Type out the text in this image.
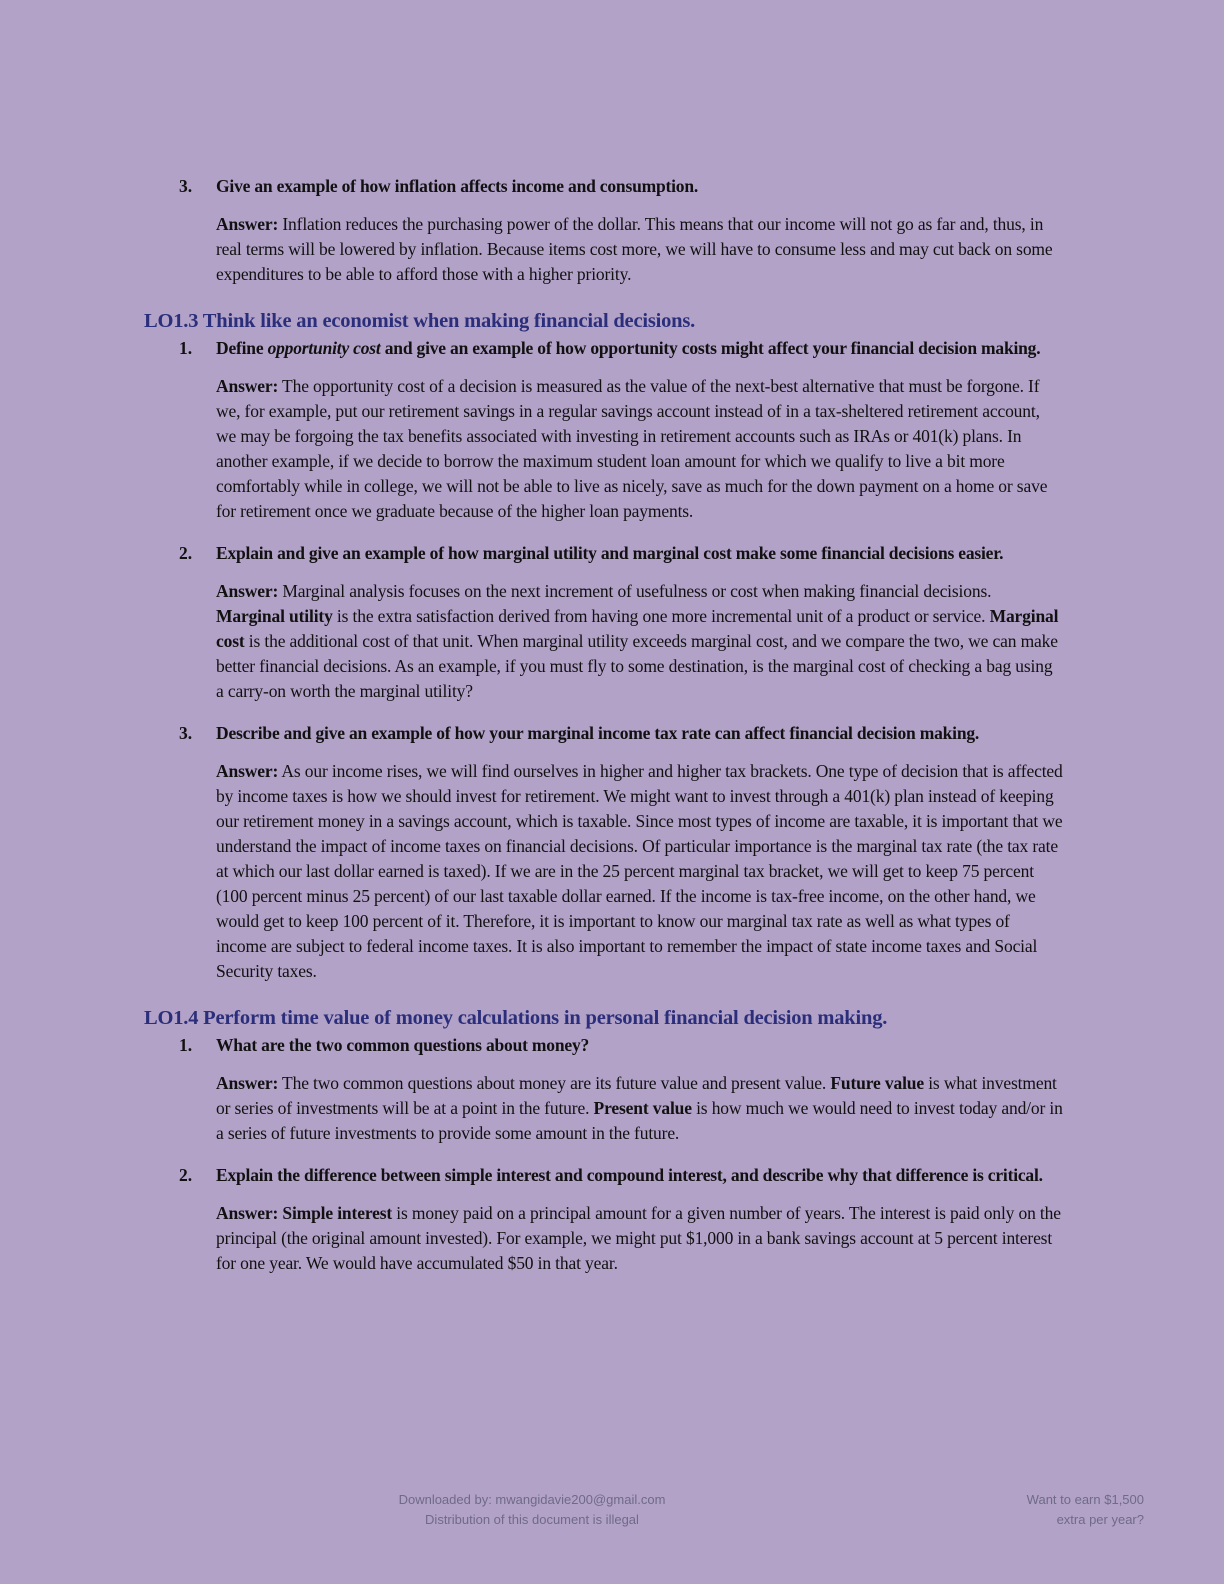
3. Give an example of how inflation affects income and consumption.
Answer: Inflation reduces the purchasing power of the dollar. This means that our income will not go as far and, thus, in real terms will be lowered by inflation. Because items cost more, we will have to consume less and may cut back on some expenditures to be able to afford those with a higher priority.
LO1.3 Think like an economist when making financial decisions.
1. Define opportunity cost and give an example of how opportunity costs might affect your financial decision making.
Answer: The opportunity cost of a decision is measured as the value of the next-best alternative that must be forgone. If we, for example, put our retirement savings in a regular savings account instead of in a tax-sheltered retirement account, we may be forgoing the tax benefits associated with investing in retirement accounts such as IRAs or 401(k) plans. In another example, if we decide to borrow the maximum student loan amount for which we qualify to live a bit more comfortably while in college, we will not be able to live as nicely, save as much for the down payment on a home or save for retirement once we graduate because of the higher loan payments.
2. Explain and give an example of how marginal utility and marginal cost make some financial decisions easier.
Answer: Marginal analysis focuses on the next increment of usefulness or cost when making financial decisions. Marginal utility is the extra satisfaction derived from having one more incremental unit of a product or service. Marginal cost is the additional cost of that unit. When marginal utility exceeds marginal cost, and we compare the two, we can make better financial decisions. As an example, if you must fly to some destination, is the marginal cost of checking a bag using a carry-on worth the marginal utility?
3. Describe and give an example of how your marginal income tax rate can affect financial decision making.
Answer: As our income rises, we will find ourselves in higher and higher tax brackets. One type of decision that is affected by income taxes is how we should invest for retirement. We might want to invest through a 401(k) plan instead of keeping our retirement money in a savings account, which is taxable. Since most types of income are taxable, it is important that we understand the impact of income taxes on financial decisions. Of particular importance is the marginal tax rate (the tax rate at which our last dollar earned is taxed). If we are in the 25 percent marginal tax bracket, we will get to keep 75 percent (100 percent minus 25 percent) of our last taxable dollar earned. If the income is tax-free income, on the other hand, we would get to keep 100 percent of it. Therefore, it is important to know our marginal tax rate as well as what types of income are subject to federal income taxes. It is also important to remember the impact of state income taxes and Social Security taxes.
LO1.4 Perform time value of money calculations in personal financial decision making.
1. What are the two common questions about money?
Answer: The two common questions about money are its future value and present value. Future value is what investment or series of investments will be at a point in the future. Present value is how much we would need to invest today and/or in a series of future investments to provide some amount in the future.
2. Explain the difference between simple interest and compound interest, and describe why that difference is critical.
Answer: Simple interest is money paid on a principal amount for a given number of years. The interest is paid only on the principal (the original amount invested). For example, we might put $1,000 in a bank savings account at 5 percent interest for one year. We would have accumulated $50 in that year.
Downloaded by: mwangidavie200@gmail.com
Distribution of this document is illegal
Want to earn $1,500
extra per year?
